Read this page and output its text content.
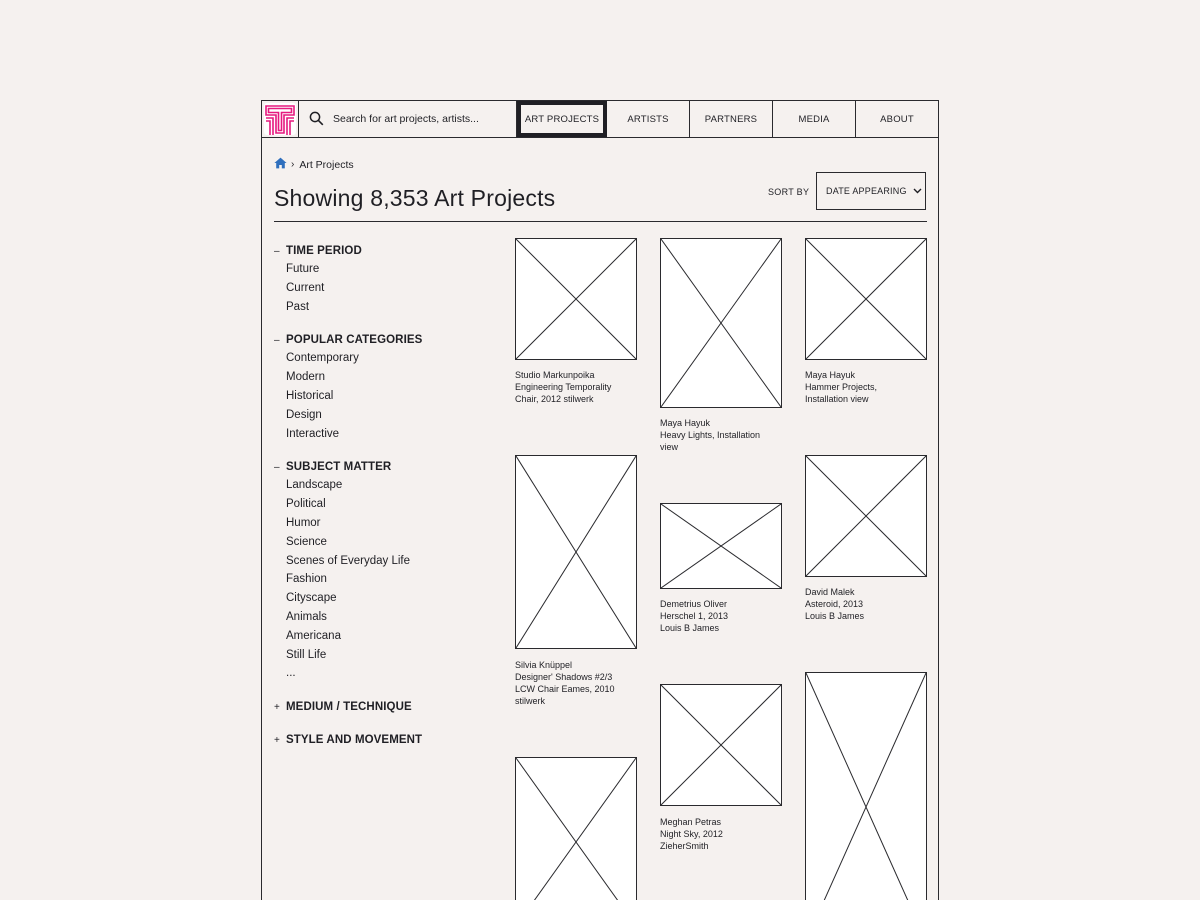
Search for art projects, artists...
ART PROJECTS	ARTISTS	PARTNERS	MEDIA	ABOUT
› Art Projects
Showing 8,353 Art Projects	SORT BY DATE APPEARING
– TIME PERIOD
Future
Current
Past
– POPULAR CATEGORIES
Contemporary
Modern
Historical
Design
Interactive
– SUBJECT MATTER
Landscape
Political
Humor
Science
Scenes of Everyday Life
Fashion
Cityscape
Animals
Americana
Still Life
...
+ MEDIUM / TECHNIQUE
+ STYLE AND MOVEMENT
Studio Markunpoika
Engineering Temporality
Chair, 2012 stilwerk
Silvia Knüppel
Designer' Shadows #2/3
LCW Chair Eames, 2010
stilwerk
Maya Hayuk
Heavy Lights, Installation
view
Demetrius Oliver
Herschel 1, 2013
Louis B James
Meghan Petras
Night Sky, 2012
ZieherSmith
Maya Hayuk
Hammer Projects,
Installation view
David Malek
Asteroid, 2013
Louis B James
